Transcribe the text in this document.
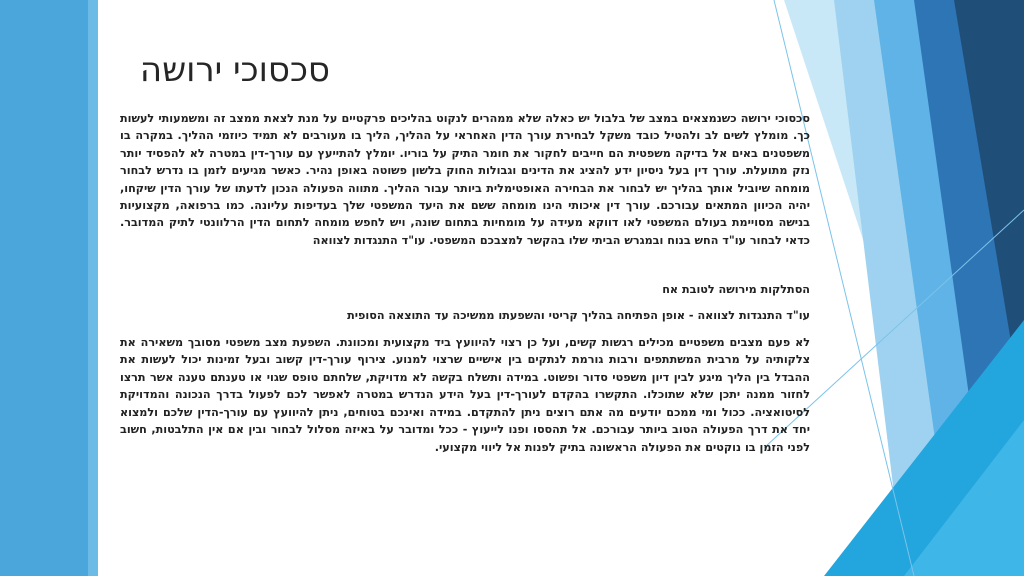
סכסוכי ירושה

סכסוכי ירושה כשנמצאים במצב של בלבול יש כאלה שלא ממהרים לנקוט בהליכים פרקטיים על מנת לצאת ממצב זה ומשמעותי לעשות כך. מומלץ לשים לב ולהטיל כובד משקל לבחירת עורך הדין האחראי על ההליך, הליך בו מעורבים לא תמיד כיוזמי ההליך. במקרה בו משפטנים באים אל בדיקה משפטית הם חייבים לחקור את חומר התיק על בוריו. יומלץ להתייעץ עם עורך-דין במטרה לא להפסיד יותר נזק מתועלת. עורך דין בעל ניסיון ידע להציג את הדינים וגבולות החוק בלשון פשוטה באופן נהיר. כאשר מגיעים לזמן בו נדרש לבחור מומחה שיוביל אותך בהליך יש לבחור את הבחירה האופטימלית ביותר עבור ההליך. מתווה הפעולה הנכון לדעתו של עורך הדין שיקחו, יהיה הכיוון המתאים עבורכם. עורך דין איכותי הינו מומחה ששם את היעד המשפטי שלך בעדיפות עליונה. כמו ברפואה, מקצועיות בנישה מסויימת בעולם המשפטי לאו דווקא מעידה על מומחיות בתחום שונה, ויש לחפש מומחה לתחום הדין הרלוונטי לתיק המדובר. כדאי לבחור עו"ד החש בנוח ובמגרש הביתי שלו בהקשר למצבכם המשפטי. עו"ד התנגדות לצוואה

הסתלקות מירושה לטובת אח

עו"ד התנגדות לצוואה - אופן הפתיחה בהליך קריטי והשפעתו ממשיכה עד התוצאה הסופית

לא פעם מצבים משפטיים מכילים רגשות קשים, ועל כן רצוי להיוועץ ביד מקצועית ומכוונת. השפעת מצב משפטי מסובך משאירה את צלקותיה על מרבית המשתתפים ורבות גורמת לנתקים בין אישיים שרצוי למנוע. צירוף עורך-דין קשוב ובעל זמינות יכול לעשות את ההבדל בין הליך מיגע לבין דיון משפטי סדור ופשוט. במידה ותשלח בקשה לא מדויקת, שלחתם טופס שגוי או טענתם טענה אשר תרצו לחזור ממנה יתכן שלא שתוכלו. התקשרו בהקדם לעורך-דין בעל הידע הנדרש במטרה לאפשר לכם לפעול בדרך הנכונה והמדויקת לסיטואציה. ככול ומי ממכם יודעים מה אתם רוצים ניתן להתקדם. במידה ואינכם בטוחים, ניתן להיוועץ עם עורך-הדין שלכם ולמצוא יחד את דרך הפעולה הטוב ביותר עבורכם. אל תהססו ופנו לייעוץ - ככל ומדובר על באיזה מסלול לבחור ובין אם אין התלבטות, חשוב לפני הזמן בו נוקטים את הפעולה הראשונה בתיק לפנות אל ליווי מקצועי.
